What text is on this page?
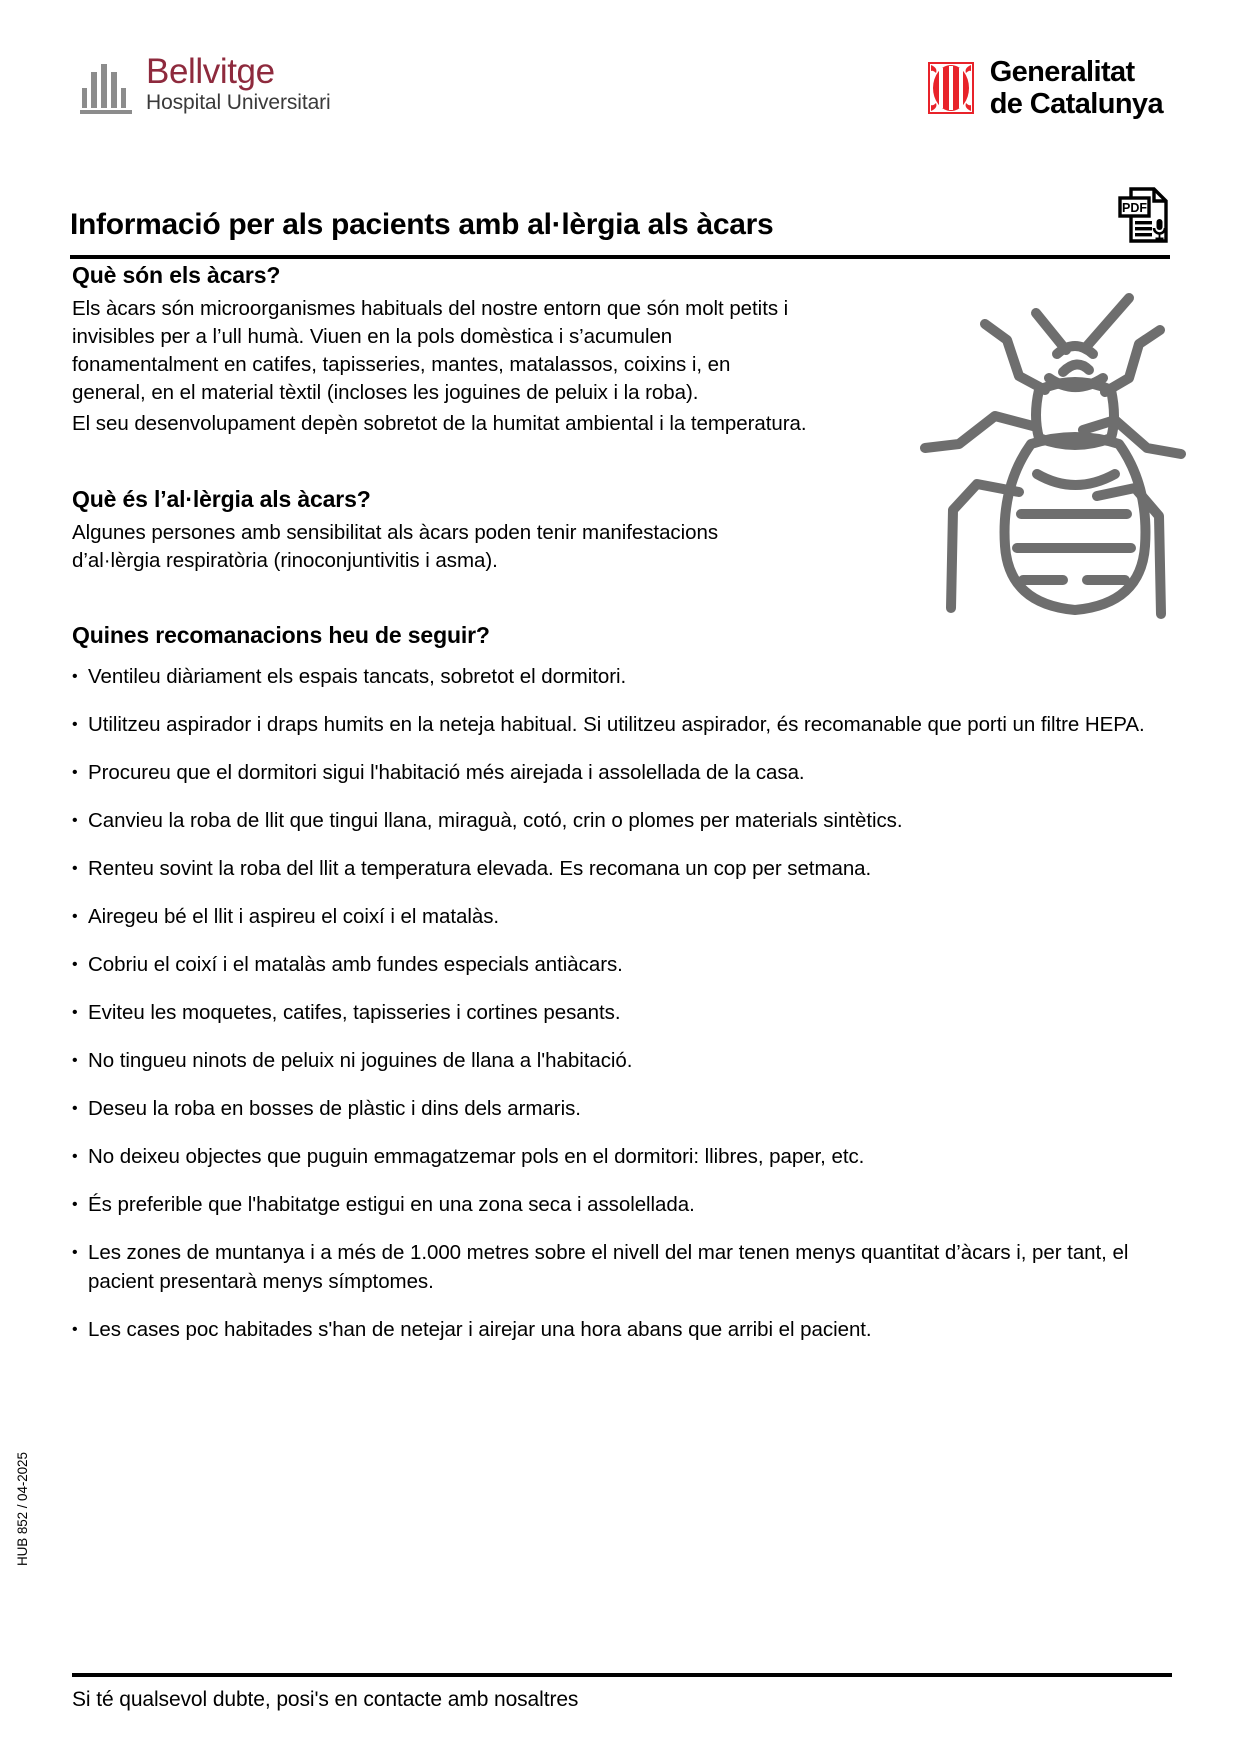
Bellvitge
Hospital Universitari
Generalitat
de Catalunya
Informació per als pacients amb al·lèrgia als àcars	PDF
Què són els àcars?

Els àcars són microorganismes habituals del nostre entorn que són molt petits i invisibles per a l’ull humà. Viuen en la pols domèstica i s’acumulen fonamentalment en catifes, tapisseries, mantes, matalassos, coixins i, en general, en el material tèxtil (incloses les joguines de peluix i la roba).

El seu desenvolupament depèn sobretot de la humitat ambiental i la temperatura.

Què és l’al·lèrgia als àcars?

Algunes persones amb sensibilitat als àcars poden tenir manifestacions d’al·lèrgia respiratòria (rinoconjuntivitis i asma).

Quines recomanacions heu de seguir?
• Ventileu diàriament els espais tancats, sobretot el dormitori.
• Utilitzeu aspirador i draps humits en la neteja habitual. Si utilitzeu aspirador, és recomanable que porti un filtre HEPA.
• Procureu que el dormitori sigui l'habitació més airejada i assolellada de la casa.
• Canvieu la roba de llit que tingui llana, miraguà, cotó, crin o plomes per materials sintètics.
• Renteu sovint la roba del llit a temperatura elevada. Es recomana un cop per setmana.
• Airegeu bé el llit i aspireu el coixí i el matalàs.
• Cobriu el coixí i el matalàs amb fundes especials antiàcars.
• Eviteu les moquetes, catifes, tapisseries i cortines pesants.
• No tingueu ninots de peluix ni joguines de llana a l'habitació.
• Deseu la roba en bosses de plàstic i dins dels armaris.
• No deixeu objectes que puguin emmagatzemar pols en el dormitori: llibres, paper, etc.
• És preferible que l'habitatge estigui en una zona seca i assolellada.
• Les zones de muntanya i a més de 1.000 metres sobre el nivell del mar tenen menys quantitat d’àcars i, per tant, el pacient presentarà menys símptomes.
• Les cases poc habitades s'han de netejar i airejar una hora abans que arribi el pacient.
HUB 852 / 04-2025
Si té qualsevol dubte, posi's en contacte amb nosaltres
